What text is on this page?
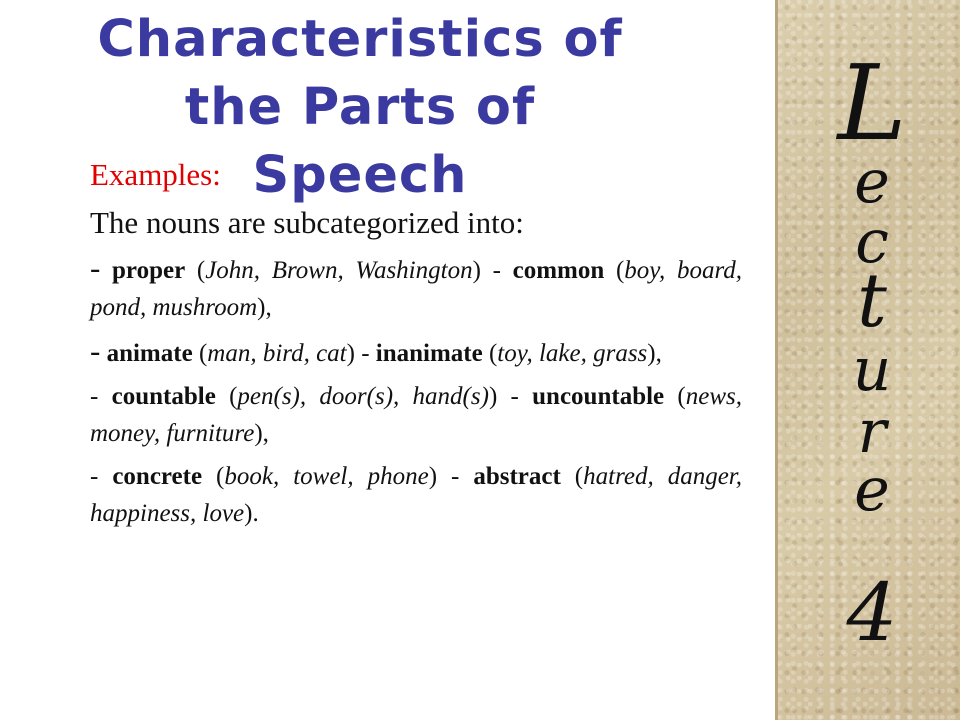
Characteristics of the Parts of Speech

Examples:

The nouns are subcategorized into:

- proper (John, Brown, Washington) - common (boy, board, pond, mushroom),

- animate (man, bird, cat) - inanimate (toy, lake, grass),

- countable (pen(s), door(s), hand(s)) - uncountable (news, money, furniture),

- concrete (book, towel, phone) - abstract (hatred, danger, happiness, love).

L
e
c
t
u
r
e
4
